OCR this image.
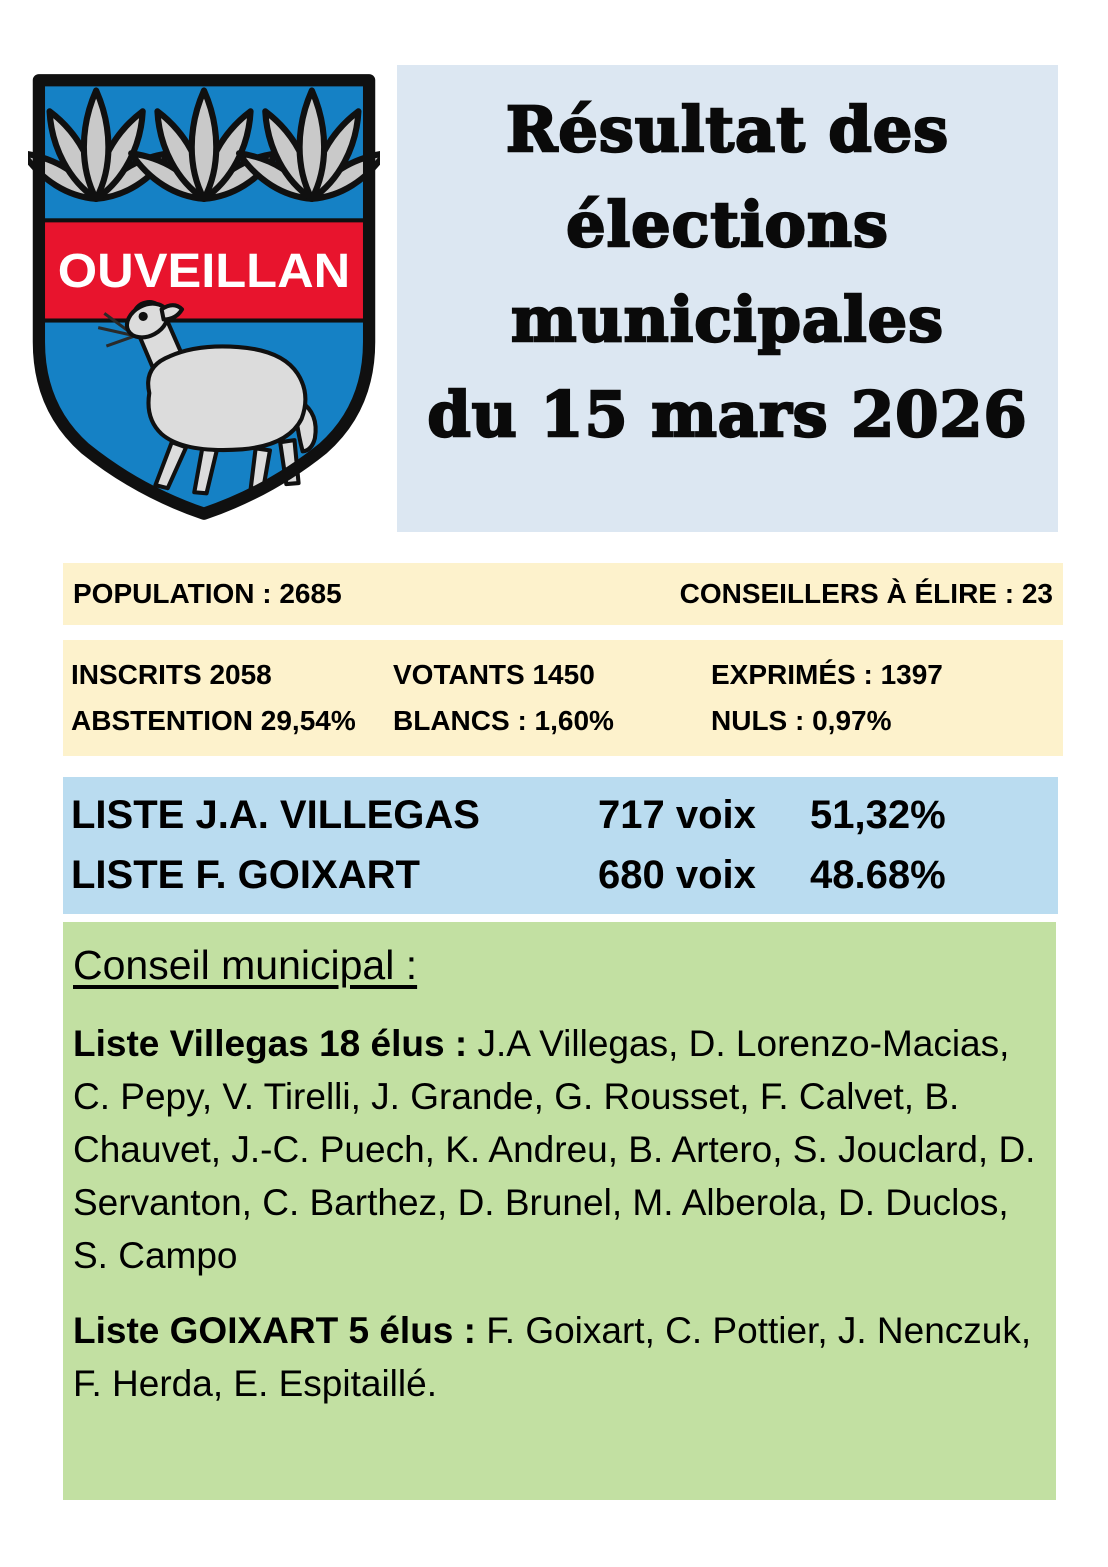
OUVEILLAN
Résultat des
élections
municipales
du 15 mars 2026
POPULATION : 2685	CONSEILLERS À ÉLIRE : 23
INSCRITS 2058	VOTANTS 1450	EXPRIMÉS : 1397
ABSTENTION 29,54%	BLANCS : 1,60%	NULS : 0,97%
LISTE J.A. VILLEGAS	717 voix	51,32%
LISTE F. GOIXART	680 voix	48.68%
Conseil municipal :

Liste Villegas 18 élus : J.A Villegas, D. Lorenzo-Macias, C. Pepy, V. Tirelli, J. Grande, G. Rousset, F. Calvet, B. Chauvet, J.-C. Puech, K. Andreu, B. Artero, S. Jouclard, D. Servanton, C. Barthez, D. Brunel, M. Alberola, D. Duclos, S. Campo

Liste GOIXART 5 élus : F. Goixart, C. Pottier, J. Nenczuk, F. Herda, E. Espitaillé.
